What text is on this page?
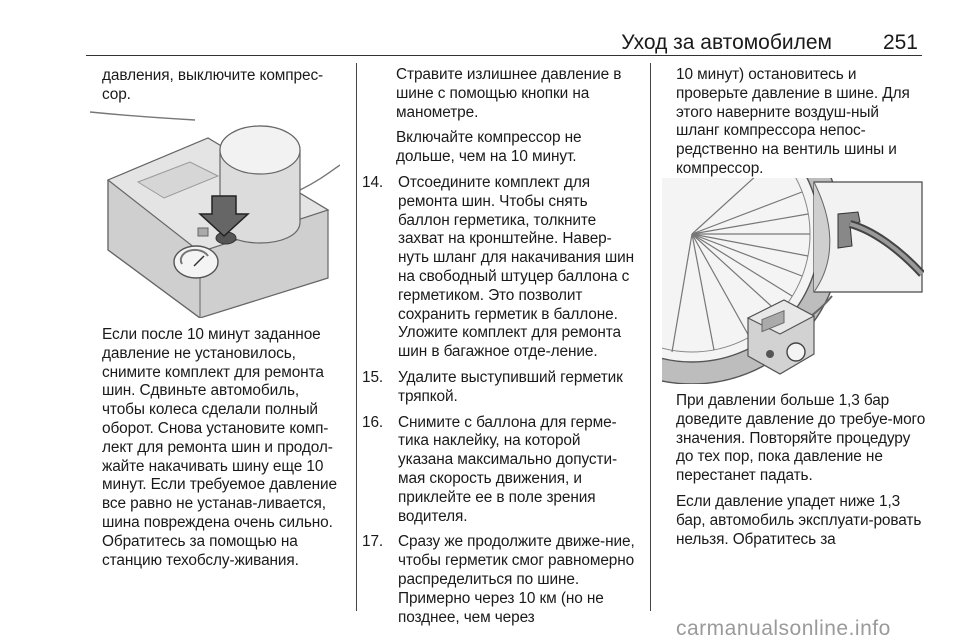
Уход за автомобилем	251

давления, выключите компрес-сор.

Если после 10 минут заданное давление не установилось, снимите комплект для ремонта шин. Сдвиньте автомобиль, чтобы колеса сделали полный оборот. Снова установите комп-лект для ремонта шин и продол-жайте накачивать шину еще 10 минут. Если требуемое давление все равно не устанав-ливается, шина повреждена очень сильно. Обратитесь за помощью на станцию техобслу-живания.

Стравите излишнее давление в шине с помощью кнопки на манометре.

Включайте компрессор не дольше, чем на 10 минут.

14. Отсоедините комплект для ремонта шин. Чтобы снять баллон герметика, толкните захват на кронштейне. Навер-нуть шланг для накачивания шин на свободный штуцер баллона с герметиком. Это позволит сохранить герметик в баллоне. Уложите комплект для ремонта шин в багажное отде-ление.
15. Удалите выступивший герметик тряпкой.
16. Снимите с баллона для герме-тика наклейку, на которой указана максимально допусти-мая скорость движения, и приклейте ее в поле зрения водителя.
17. Сразу же продолжите движе-ние, чтобы герметик смог равномерно распределиться по шине. Примерно через 10 км (но не позднее, чем через

10 минут) остановитесь и проверьте давление в шине. Для этого наверните воздуш-ный шланг компрессора непос-редственно на вентиль шины и компрессор.

При давлении больше 1,3 бар доведите давление до требуе-мого значения. Повторяйте процедуру до тех пор, пока давление не перестанет падать.

Если давление упадет ниже 1,3 бар, автомобиль эксплуати-ровать нельзя. Обратитесь за

carmanualsonline.info
